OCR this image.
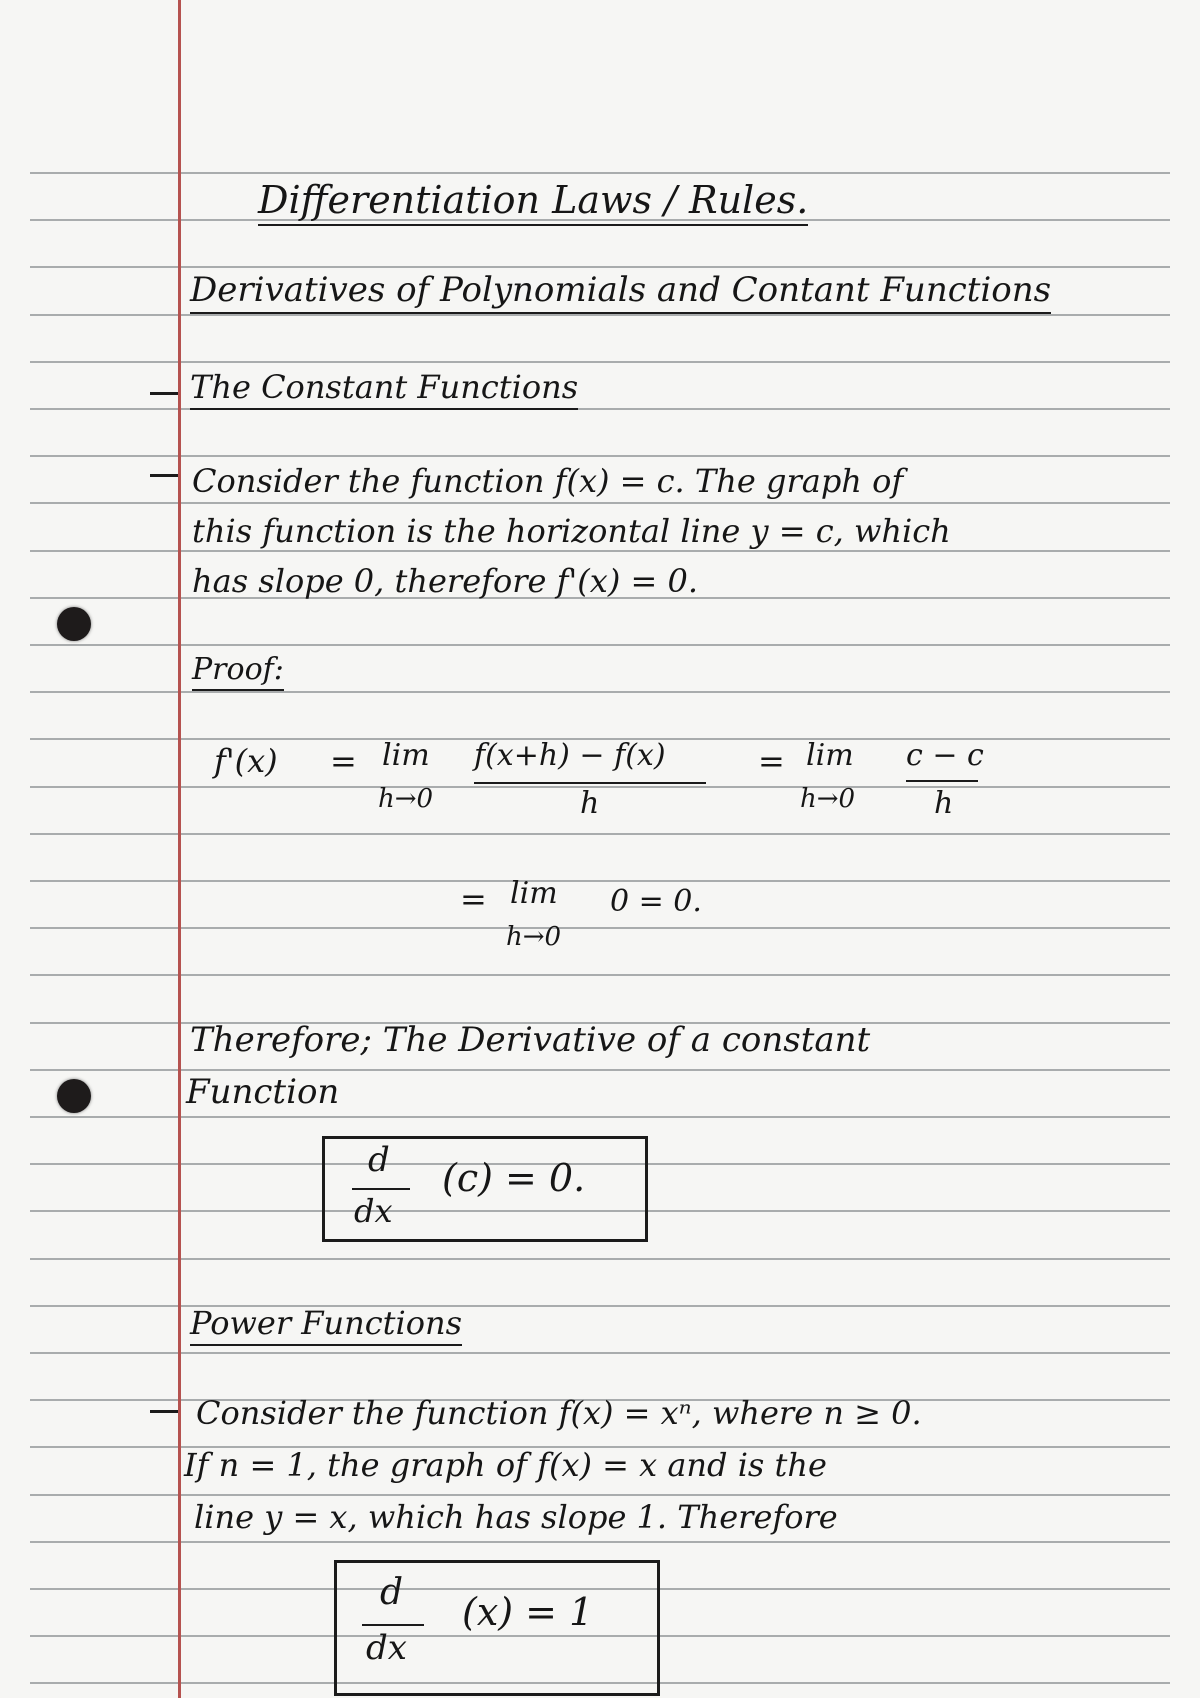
Differentiation Laws / Rules.
Derivatives of Polynomials and Contant Functions
The Constant Functions
Consider the function f(x) = c. The graph of
this function is the horizontal line y = c, which
has slope 0, therefore f'(x) = 0.
Proof:
f'(x) = lim
h→0
f(x+h) − f(x)
h
= lim
h→0
c − c
h
= lim
h→0
0 = 0.
Therefore; The Derivative of a constant
Function
d
dx
(c) = 0.
Power Functions
Consider the function f(x) = xⁿ, where n ≥ 0.
If n = 1, the graph of f(x) = x and is the
line y = x, which has slope 1. Therefore
d
dx
(x) = 1
